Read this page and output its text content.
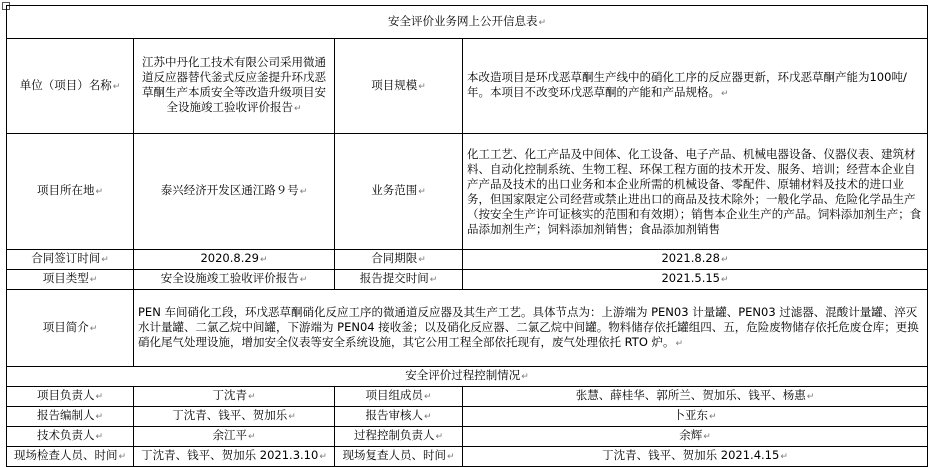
安全评价业务网上公开信息表↵			
单位（项目）名称↵	江苏中丹化工技术有限公司采用微通道反应器替代釜式反应釜提升环戊恶草酮生产本质安全等改造升级项目安全设施竣工验收评价报告↵	项目规模↵	本改造项目是环戊恶草酮生产线中的硝化工序的反应器更新，环戊恶草酮产能为100吨/年。本项目不改变环戊恶草酮的产能和产品规格。↵
项目所在地↵	泰兴经济开发区通江路９号↵	业务范围↵	化工工艺、化工产品及中间体、化工设备、电子产品、机械电器设备、仪器仪表、建筑材料、自动化控制系统、生物工程、环保工程方面的技术开发、服务、培训；经营本企业自产产品及技术的出口业务和本企业所需的机械设备、零配件、原辅材料及技术的进口业务，但国家限定公司经营或禁止进出口的商品及技术除外；一般化学品、危险化学品生产（按安全生产许可证核实的范围和有效期）；销售本企业生产的产品。饲料添加剂生产；食品添加剂生产；饲料添加剂销售；食品添加剂销售
合同签订时间↵	2020.8.29↵	合同期限↵	2021.8.28↵
项目类型↵	安全设施竣工验收评价报告↵	报告提交时间↵	2021.5.15↵
项目简介↵	PEN 车间硝化工段，环戊恶草酮硝化反应工序的微通道反应器及其生产工艺。具体节点为：上游端为 PEN03 计量罐、PEN03 过滤器、混酸计量罐、淬灭水计量罐、二氯乙烷中间罐，下游端为 PEN04 接收釜；以及硝化反应器、二氯乙烷中间罐。物料储存依托罐组四、五，危险废物储存依托危废仓库；更换硝化尾气处理设施，增加安全仪表等安全系统设施，其它公用工程全部依托现有，废气处理依托 RTO 炉。↵		
安全评价过程控制情况↵			
项目负责人↵	丁沈青↵	项目组成员↵	张慧、薛桂华、郭所兰、贺加乐、钱平、杨惠↵
报告编制人↵	丁沈青、钱平、贺加乐↵	报告审核人↵	卜亚东↵
技术负责人↵	余江平↵	过程控制负责人↵	余辉↵
现场检查人员、时间↵	丁沈青、钱平、贺加乐 2021.3.10↵	现场复查人员、时间↵	丁沈青、钱平、贺加乐 2021.4.15↵
